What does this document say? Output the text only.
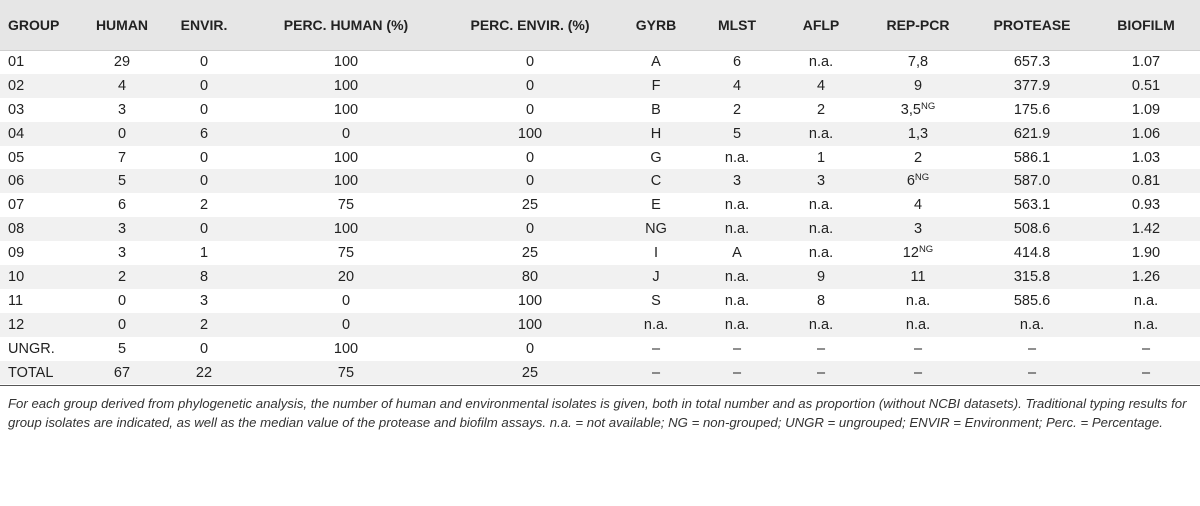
GROUP	HUMAN	ENVIR.	PERC. HUMAN (%)	PERC. ENVIR. (%)	GYRB	MLST	AFLP	REP-PCR	PROTEASE	BIOFILM
01	29	0	100	0	A	6	n.a.	7,8	657.3	1.07
02	4	0	100	0	F	4	4	9	377.9	0.51
03	3	0	100	0	B	2	2	$3,5^{NG}$	175.6	1.09
04	0	6	0	100	H	5	n.a.	1,3	621.9	1.06
05	7	0	100	0	G	n.a.	1	2	586.1	1.03
06	5	0	100	0	C	3	3	$6^{NG}$	587.0	0.81
07	6	2	75	25	E	n.a.	n.a.	4	563.1	0.93
08	3	0	100	0	NG	n.a.	n.a.	3	508.6	1.42
09	3	1	75	25	I	A	n.a.	$12^{NG}$	414.8	1.90
10	2	8	20	80	J	n.a.	9	11	315.8	1.26
11	0	3	0	100	S	n.a.	8	n.a.	585.6	n.a.
12	0	2	0	100	n.a.	n.a.	n.a.	n.a.	n.a.	n.a.
UNGR.	5	0	100	0	–	–	–	–	–	–
TOTAL	67	22	75	25	–	–	–	–	–	–
For each group derived from phylogenetic analysis, the number of human and environmental isolates is given, both in total number and as proportion (without NCBI datasets). Traditional typing results for group isolates are indicated, as well as the median value of the protease and biofilm assays. n.a. = not available; NG = non-grouped; UNGR = ungrouped; ENVIR = Environment; Perc. = Percentage.
